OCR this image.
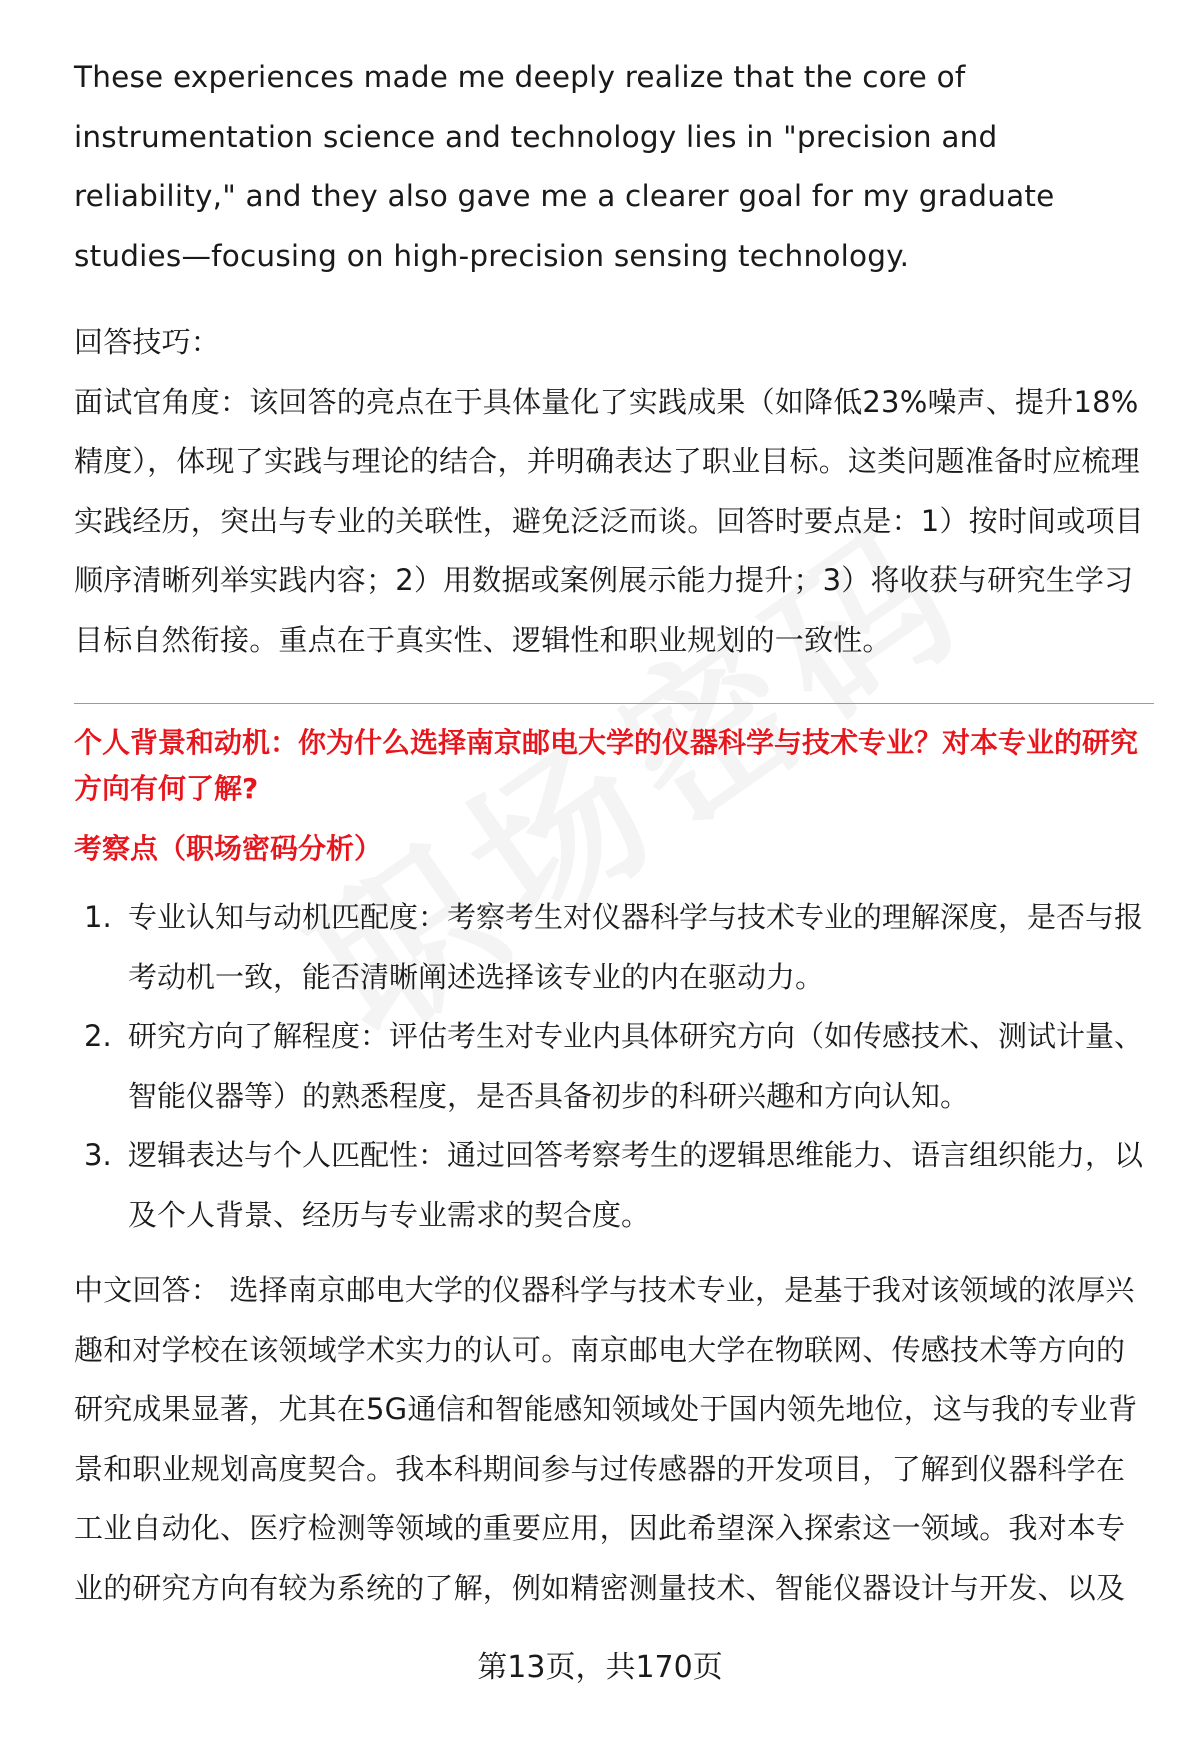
These experiences made me deeply realize that the core of instrumentation science and technology lies in "precision and reliability," and they also gave me a clearer goal for my graduate studies—focusing on high-precision sensing technology.

回答技巧：

面试官角度：该回答的亮点在于具体量化了实践成果（如降低23%噪声、提升18%精度），体现了实践与理论的结合，并明确表达了职业目标。这类问题准备时应梳理实践经历，突出与专业的关联性，避免泛泛而谈。回答时要点是：1）按时间或项目顺序清晰列举实践内容；2）用数据或案例展示能力提升；3）将收获与研究生学习目标自然衔接。重点在于真实性、逻辑性和职业规划的一致性。

个人背景和动机：你为什么选择南京邮电大学的仪器科学与技术专业？对本专业的研究方向有何了解?

考察点（职场密码分析）

1. 专业认知与动机匹配度：考察考生对仪器科学与技术专业的理解深度，是否与报考动机一致，能否清晰阐述选择该专业的内在驱动力。
2. 研究方向了解程度：评估考生对专业内具体研究方向（如传感技术、测试计量、智能仪器等）的熟悉程度，是否具备初步的科研兴趣和方向认知。
3. 逻辑表达与个人匹配性：通过回答考察考生的逻辑思维能力、语言组织能力，以及个人背景、经历与专业需求的契合度。

中文回答： 选择南京邮电大学的仪器科学与技术专业，是基于我对该领域的浓厚兴趣和对学校在该领域学术实力的认可。南京邮电大学在物联网、传感技术等方向的研究成果显著，尤其在5G通信和智能感知领域处于国内领先地位，这与我的专业背景和职业规划高度契合。我本科期间参与过传感器的开发项目，了解到仪器科学在工业自动化、医疗检测等领域的重要应用，因此希望深入探索这一领域。我对本专业的研究方向有较为系统的了解，例如精密测量技术、智能仪器设计与开发、以及

第13页，共170页
